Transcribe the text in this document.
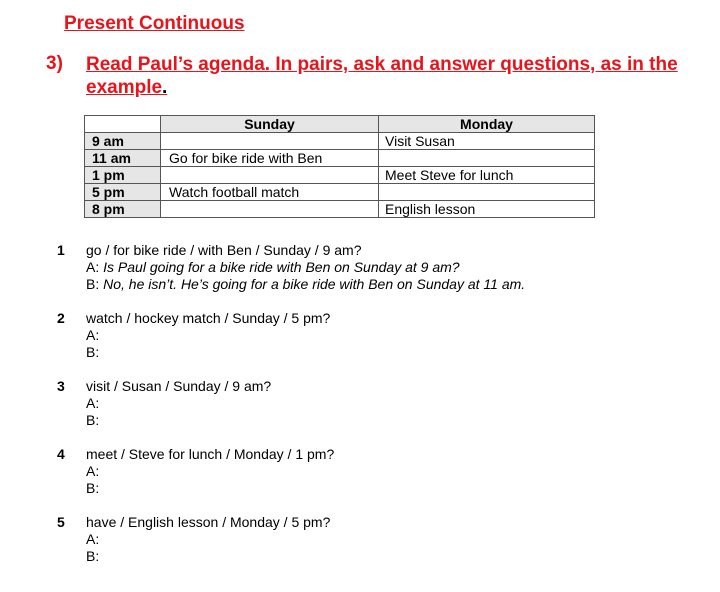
Present Continuous
3) Read Paul’s agenda. In pairs, ask and answer questions, as in the example.
	Sunday	Monday
9 am		Visit Susan
11 am	Go for bike ride with Ben	
1 pm		Meet Steve for lunch
5 pm	Watch football match	
8 pm		English lesson
1 go / for bike ride / with Ben / Sunday / 9 am?
A: Is Paul going for a bike ride with Ben on Sunday at 9 am?
B: No, he isn’t. He’s going for a bike ride with Ben on Sunday at 11 am.
2 watch / hockey match / Sunday / 5 pm?
A:
B:
3 visit / Susan / Sunday / 9 am?
A:
B:
4 meet / Steve for lunch / Monday / 1 pm?
A:
B:
5 have / English lesson / Monday / 5 pm?
A:
B:
